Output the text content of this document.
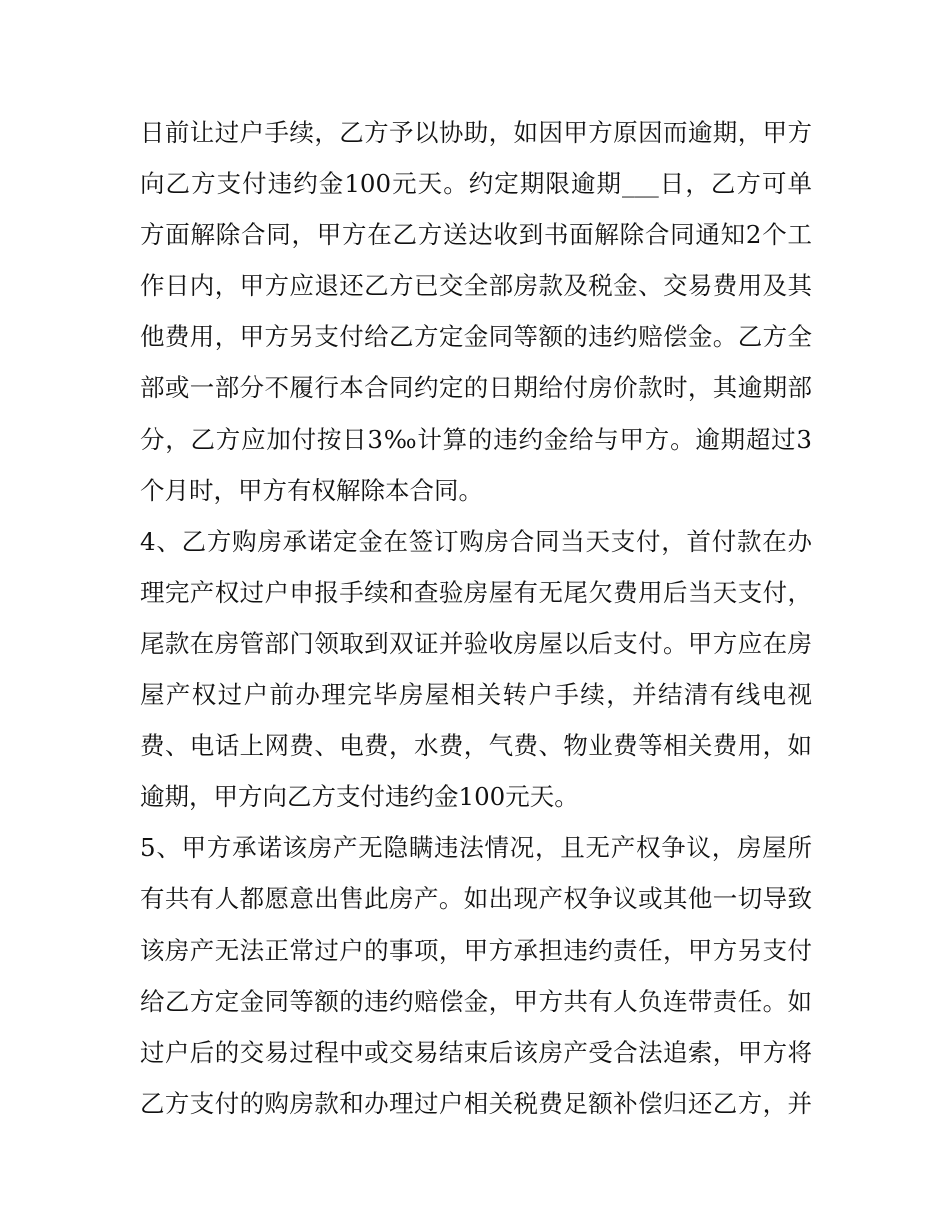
日前让过户手续，乙方予以协助，如因甲方原因而逾期，甲方
向乙方支付违约金100元天。约定期限逾期___日，乙方可单
方面解除合同，甲方在乙方送达收到书面解除合同通知2个工
作日内，甲方应退还乙方已交全部房款及税金、交易费用及其
他费用，甲方另支付给乙方定金同等额的违约赔偿金。乙方全
部或一部分不履行本合同约定的日期给付房价款时，其逾期部
分，乙方应加付按日3‰计算的违约金给与甲方。逾期超过3
个月时，甲方有权解除本合同。
4、乙方购房承诺定金在签订购房合同当天支付，首付款在办
理完产权过户申报手续和查验房屋有无尾欠费用后当天支付，
尾款在房管部门领取到双证并验收房屋以后支付。甲方应在房
屋产权过户前办理完毕房屋相关转户手续，并结清有线电视
费、电话上网费、电费，水费，气费、物业费等相关费用，如
逾期，甲方向乙方支付违约金100元天。
5、甲方承诺该房产无隐瞒违法情况，且无产权争议，房屋所
有共有人都愿意出售此房产。如出现产权争议或其他一切导致
该房产无法正常过户的事项，甲方承担违约责任，甲方另支付
给乙方定金同等额的违约赔偿金，甲方共有人负连带责任。如
过户后的交易过程中或交易结束后该房产受合法追索，甲方将
乙方支付的购房款和办理过户相关税费足额补偿归还乙方，并
